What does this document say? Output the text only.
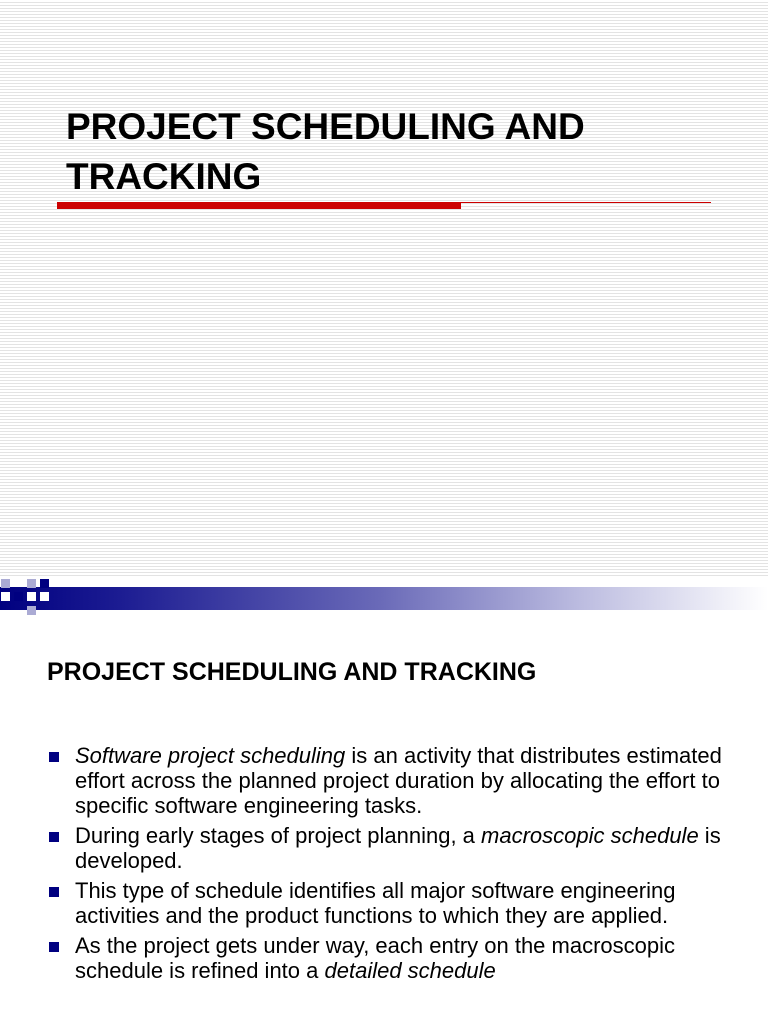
PROJECT SCHEDULING AND TRACKING
PROJECT SCHEDULING AND TRACKING
Software project scheduling is an activity that distributes estimated effort across the planned project duration by allocating the effort to specific software engineering tasks.
During early stages of project planning, a macroscopic schedule is developed.
This type of schedule identifies all major software engineering activities and the product functions to which they are applied.
As the project gets under way, each entry on the macroscopic schedule is refined into a detailed schedule
